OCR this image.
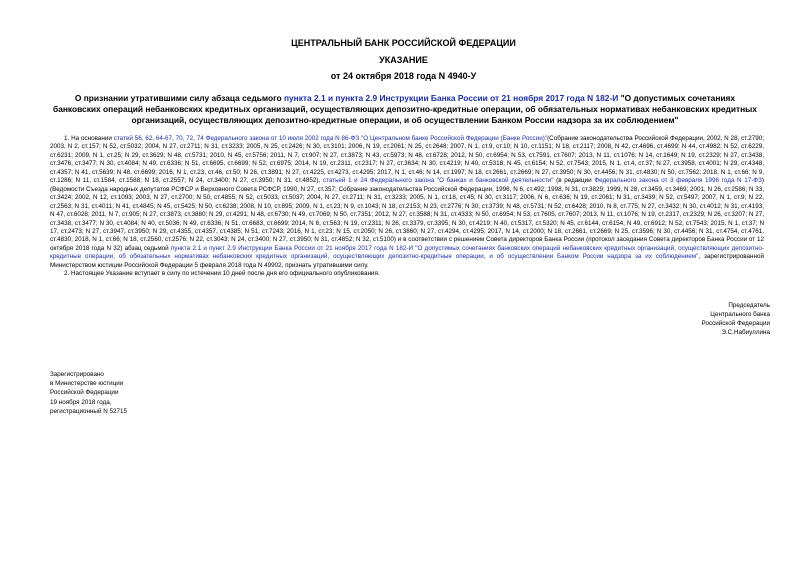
ЦЕНТРАЛЬНЫЙ БАНК РОССИЙСКОЙ ФЕДЕРАЦИИ
УКАЗАНИЕ
от 24 октября 2018 года N 4940-У
О признании утратившими силу абзаца седьмого пункта 2.1 и пункта 2.9 Инструкции Банка России от 21 ноября 2017 года N 182-И "О допустимых сочетаниях банковских операций небанковских кредитных организаций, осуществляющих депозитно-кредитные операции, об обязательных нормативах небанковских кредитных организаций, осуществляющих депозитно-кредитные операции, и об осуществлении Банком России надзора за их соблюдением"

1. На основании статей 56, 62, 64-67, 70, 72, 74 Федерального закона от 10 июля 2002 года N 86-ФЗ "О Центральном банке Российской Федерации (Банке России)"(Собрание законодательства Российской Федерации, 2002, N 28, ст.2790; 2003, N 2, ст.157; N 52, ст.5032; 2004, N 27, ст.2711; N 31, ст.3233; 2005, N 25, ст.2426; N 30, ст.3101; 2006, N 19, ст.2061; N 25, ст.2648; 2007, N 1, ст.9, ст.10; N 10, ст.1151; N 18, ст.2117; 2008, N 42, ст.4696, ст.4699; N 44, ст.4982; N 52, ст.6229, ст.6231; 2009, N 1, ст.25; N 29, ст.3629; N 48, ст.5731; 2010, N 45, ст.5756; 2011, N 7, ст.907; N 27, ст.3873; N 43, ст.5973; N 48, ст.6728; 2012, N 50, ст.6954; N 53, ст.7591, ст.7607; 2013, N 11, ст.1076; N 14, ст.1649; N 19, ст.2329; N 27, ст.3438, ст.3476, ст.3477; N 30, ст.4084; N 49, ст.6336; N 51, ст.6695, ст.6699; N 52, ст.6975; 2014, N 19, ст.2311, ст.2317; N 27, ст.3634; N 30, ст.4219; N 40, ст.5318; N 45, ст.6154; N 52, ст.7543; 2015, N 1, ст.4, ст.37; N 27, ст.3958, ст.4001; N 29, ст.4348, ст.4357; N 41, ст.5639; N 48, ст.6699; 2016, N 1, ст.23, ст.46, ст.50; N 26, ст.3891; N 27, ст.4225, ст.4273, ст.4295; 2017, N 1, ст.46; N 14, ст.1997; N 18, ст.2661, ст.2669; N 27, ст.3950; N 30, ст.4456; N 31, ст.4830; N 50, ст.7562; 2018, N 1, ст.66; N 9, ст.1286; N 11, ст.1584, ст.1588; N 18, ст.2557; N 24, ст.3400; N 27, ст.3950; N 31, ст.4852), статьей 1 и 24 Федерального закона "О банках и банковской деятельности" (в редакции Федерального закона от 3 февраля 1996 года N 17-ФЗ) (Ведомости Съезда народных депутатов РСФСР и Верховного Совета РСФСР, 1990, N 27, ст.357; Собрание законодательства Российской Федерации, 1996, N 6, ст.492; 1998, N 31, ст.3829; 1999, N 28, ст.3459, ст.3469; 2001, N 26, ст.2586; N 33, ст.3424; 2002, N 12, ст.1093; 2003, N 27, ст.2700; N 50, ст.4855; N 52, ст.5033, ст.5037; 2004, N 27, ст.2711; N 31, ст.3233; 2005, N 1, ст.18, ст.45; N 30, ст.3117; 2006, N 6, ст.636; N 19, ст.2061; N 31, ст.3439; N 52, ст.5497; 2007, N 1, ст.9; N 22, ст.2563; N 31, ст.4011; N 41, ст.4845; N 45, ст.5425; N 50, ст.6238; 2008, N 10, ст.895; 2009, N 1, ст.23; N 9, ст.1043; N 18, ст.2153; N 23, ст.2776; N 30, ст.3739; N 48, ст.5731; N 52, ст.6428; 2010, N 8, ст.775; N 27, ст.3432; N 30, ст.4012; N 31, ст.4193; N 47, ст.6028; 2011, N 7, ст.905; N 27, ст.3873, ст.3880; N 29, ст.4291; N 48, ст.6730; N 49, ст.7069; N 50, ст.7351; 2012, N 27, ст.3588; N 31, ст.4333; N 50, ст.6954; N 53, ст.7605, ст.7607; 2013, N 11, ст.1076; N 19, ст.2317, ст.2329; N 26, ст.3207; N 27, ст.3438, ст.3477; N 30, ст.4084; N 40, ст.5036; N 49, ст.6336; N 51, ст.6683, ст.6699; 2014, N 6, ст.563; N 19, ст.2311; N 26, ст.3379, ст.3395; N 30, ст.4219; N 40, ст.5317, ст.5320; N 45, ст.6144, ст.6154; N 49, ст.6912; N 52, ст.7543; 2015, N 1, ст.37; N 17, ст.2473; N 27, ст.3947, ст.3950; N 29, ст.4355, ст.4357, ст.4385; N 51, ст.7243; 2016, N 1, ст.23; N 15, ст.2050; N 26, ст.3860; N 27, ст.4294, ст.4295; 2017, N 14, ст.2000; N 18, ст.2661, ст.2669; N 25, ст.3596; N 30, ст.4456; N 31, ст.4754, ст.4761, ст.4830; 2018, N 1, ст.66; N 18, ст.2560, ст.2576; N 22, ст.3043; N 24, ст.3400; N 27, ст.3950; N 31, ст.4852; N 32, ст.5100) и в соответствии с решением Совета директоров Банка России (протокол заседания Совета директоров Банка России от 12 октября 2018 года N 32) абзац седьмой пункта 2.1 и пункт 2.9 Инструкции Банка России от 21 ноября 2017 года N 182-И "О допустимых сочетаниях банковских операций небанковских кредитных организаций, осуществляющих депозитно-кредитные операции, об обязательных нормативах небанковских кредитных организаций, осуществляющих депозитно-кредитные операции, и об осуществлении Банком России надзора за их соблюдением", зарегистрированной Министерством юстиции Российской Федерации 5 февраля 2018 года N 49902, признать утратившими силу.

2. Настоящее Указание вступает в силу по истечении 10 дней после дня его официального опубликования.

Председатель
Центрального банка
Российской Федерации
Э.С.Набиуллина
Зарегистрировано
в Министерстве юстиции
Российской Федерации
19 ноября 2018 года,
регистрационный N 52715
